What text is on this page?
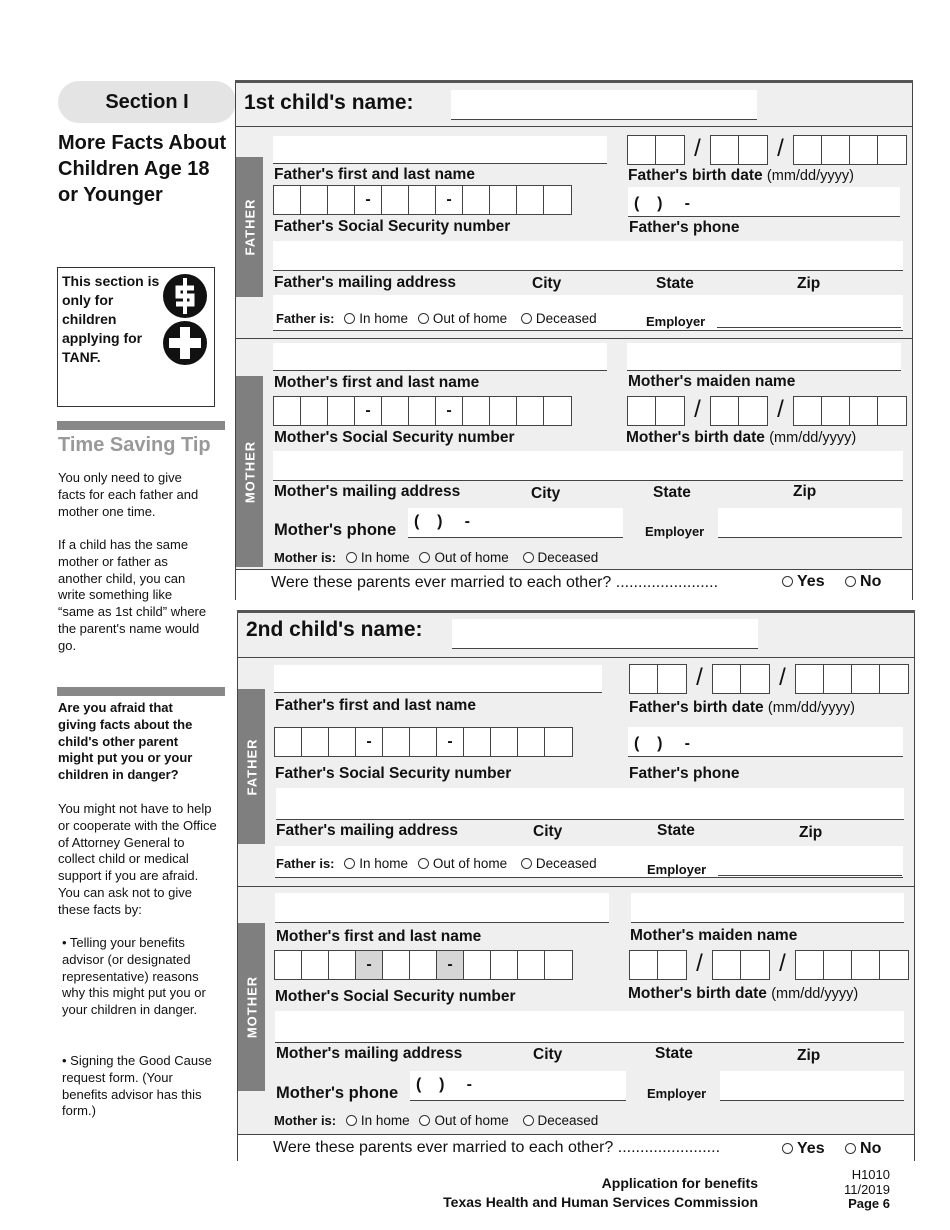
Section I
More Facts About Children Age 18 or Younger
This section is only for children applying for TANF.
Time Saving Tip
You only need to give facts for each father and mother one time.
If a child has the same mother or father as another child, you can write something like “same as 1st child” where the parent's name would go.
Are you afraid that giving facts about the child's other parent might put you or your children in danger?
You might not have to help or cooperate with the Office of Attorney General to collect child or medical support if you are afraid. You can ask not to give these facts by:
• Telling your benefits advisor (or designated representative) reasons why this might put you or your children in danger.
• Signing the Good Cause request form. (Your benefits advisor has this form.)
1st child's name:
FATHER
Father's first and last name
/	/
Father's birth date (mm/dd/yyyy)
-	-
Father's Social Security number
(    )     -
Father's phone
Father's mailing address	City	State	Zip
Father is: In home Out of home Deceased	Employer
MOTHER
Mother's first and last name	Mother's maiden name
-	-
Mother's Social Security number
/	/
Mother's birth date (mm/dd/yyyy)
Mother's mailing address	City	State	Zip
Mother's phone (    )     -
Employer
Mother is: In home Out of home Deceased
Were these parents ever married to each other? .......................	Yes No
2nd child's name:
FATHER
Father's first and last name
/	/
Father's birth date (mm/dd/yyyy)
-	-
Father's Social Security number
(    )     -
Father's phone
Father's mailing address	City	State	Zip
Father is: In home Out of home Deceased	Employer
MOTHER
Mother's first and last name	Mother's maiden name
-	-
Mother's Social Security number
/	/
Mother's birth date (mm/dd/yyyy)
Mother's mailing address	City	State	Zip
Mother's phone (    )     -
Employer
Mother is: In home Out of home Deceased
Were these parents ever married to each other? .......................	Yes No
Application for benefits
Texas Health and Human Services Commission
H1010
11/2019
Page 6
